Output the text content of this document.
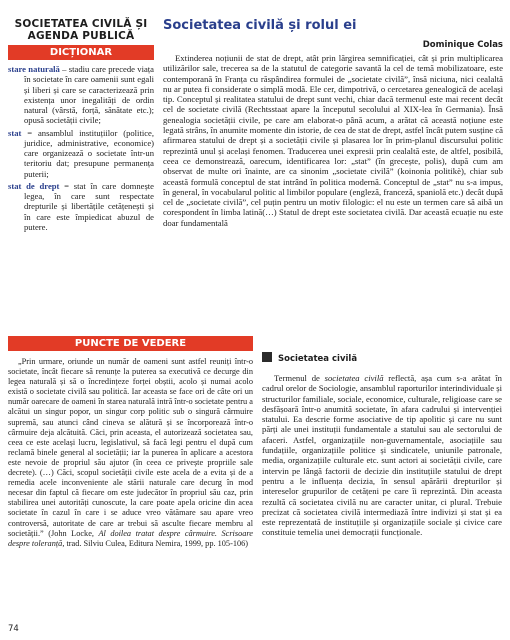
SOCIETATEA CIVILĂ ȘI
AGENDA PUBLICĂ
DICȚIONAR
stare naturală – stadiu care precede viața în societate în care oamenii sunt egali și liberi și care se caracterizează prin existența unor inegalități de ordin natural (vârstă, forță, sănătate etc.); opusă societății civile;
stat = ansamblul instituțiilor (politice, juridice, administrative, economice) care organizează o societate într-un teritoriu dat; presupune permanența puterii;
stat de drept = stat în care domnește legea, în care sunt respectate drepturile și libertățile cetățenești și în care este împiedicat abuzul de putere.
Societatea civilă și rolul ei
Dominique Colas

Extinderea noțiunii de stat de drept, atât prin lărgirea semnificației, cât și prin multiplicarea utilizărilor sale, trecerea sa de la statutul de categorie savantă la cel de temă mobilizatoare, este contemporană în Franța cu răspândirea formulei de „societate civilă”, însă niciuna, nici cealaltă nu ar putea fi considerate o simplă modă. Ele cer, dimpotrivă, o cercetarea genealogică de același tip. Conceptul și realitatea statului de drept sunt vechi, chiar dacă termenul este mai recent decât cel de societate civilă (Rechtsstaat apare la începutul secolului al XIX-lea în Germania). Însă genealogia societății civile, pe care am elaborat-o până acum, a arătat că această noțiune este legată strâns, în anumite momente din istorie, de cea de stat de drept, astfel încât putem susține că afirmarea statului de drept și a societății civile și plasarea lor în prim-planul discursului politic reprezintă unul și același fenomen. Traducerea unei expresii prin cealaltă este, de altfel, posibilă, ceea ce demonstrează, oarecum, identificarea lor: „stat” (în grecește, polis), după cum am observat de multe ori înainte, are ca sinonim „societate civilă” (koinonia politikè), chiar sub această formulă conceptul de stat intrând în politica modernă. Conceptul de „stat” nu s-a impus, în general, în vocabularul politic al limbilor populare (engleză, franceză, spaniolă etc.) decât după cel de „societate civilă”, cel puțin pentru un motiv filologic: el nu este un termen care să aibă un corespondent în limba latină(…) Statul de drept este societatea civilă. Dar această ecuație nu este doar fundamentală

PUNCTE DE VEDERE

„Prin urmare, oriunde un număr de oameni sunt astfel reuniți într-o societate, încât fiecare să renunțe la puterea sa executivă ce decurge din legea naturală și să o încredințeze forței obștii, acolo și numai acolo există o societate civilă sau politică. Iar aceasta se face ori de câte ori un număr oarecare de oameni în starea naturală intră într-o societate pentru a alcătui un singur popor, un singur corp politic sub o singură cârmuire supremă, sau atunci când cineva se alătură și se încorporează într-o cârmuire deja alcătuită. Căci, prin aceasta, el autorizează societatea sau, ceea ce este același lucru, legislativul, să facă legi pentru el după cum reclamă binele general al societății; iar la punerea în aplicare a acestora este nevoie de propriul său ajutor (în ceea ce privește propriile sale decrete). (…) Căci, scopul societății civile este acela de a evita și de a remedia acele inconveniente ale stării naturale care decurg în mod necesar din faptul că fiecare om este judecător în propriul său caz, prin stabilirea unei autorități cunoscute, la care poate apela oricine din acea societate în cazul în care i se aduce vreo vătămare sau apare vreo controversă, autoritate de care ar trebui să asculte fiecare membru al societății.” (John Locke, Al doilea tratat despre cârmuire. Scrisoare despre toleranță, trad. Silviu Culea, Editura Nemira, 1999, pp. 105-106)

Societatea civilă

Termenul de societatea civilă reflectă, așa cum s-a arătat în cadrul orelor de Sociologie, ansamblul raporturilor interindividuale și structurilor familiale, sociale, economice, culturale, religioase care se desfășoară într-o anumită societate, în afara cadrului și intervenției statului. Ea descrie forme asociative de tip apolitic și care nu sunt părți ale unei instituții fundamentale a statului sau ale sectorului de afaceri. Astfel, organizațiile non-guvernamentale, asociațiile sau fundațiile, organizațiile politice și sindicatele, uniunile patronale, media, organizațiile culturale etc. sunt actori ai societății civile, care intervin pe lângă factorii de decizie din instituțiile statului de drept pentru a le influența decizia, în sensul apărării drepturilor și intereselor grupurilor de cetățeni pe care îi reprezintă. Din aceasta rezultă că societatea civilă nu are caracter unitar, ci plural. Trebuie precizat că societatea civilă intermediază între indivizi și stat și ea este reprezentată de instituțiile și organizațiile sociale și civice care constituie temelia unei democrații funcționale.

74
